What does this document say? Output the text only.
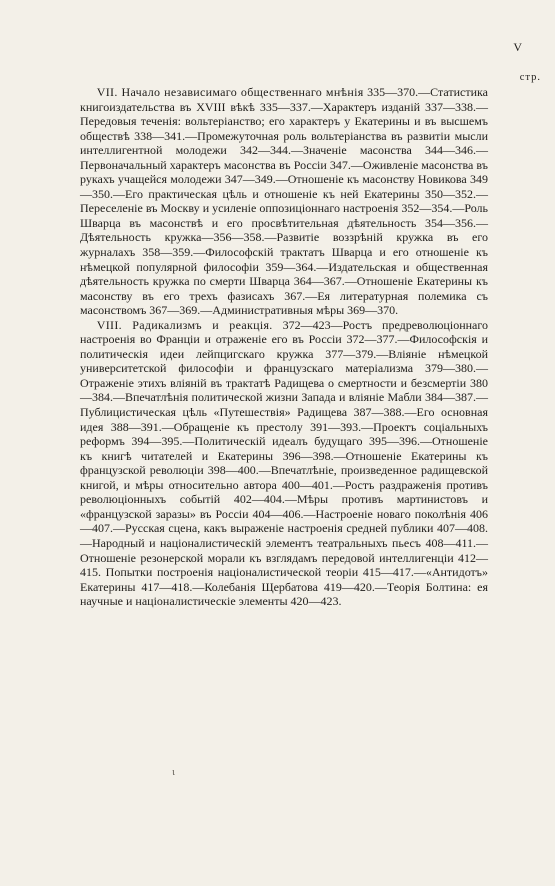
V
стр.

VII. Начало независимаго общественнаго мнѣнія 335—370.—Статистика книгоиздательства въ XVIII вѣкѣ 335—337.—Характеръ изданій 337—338.—Передовыя теченія: вольтеріанство; его характеръ у Екатерины и въ высшемъ обществѣ 338—341.—Промежуточная роль вольтеріанства въ развитіи мысли интеллигентной молодежи 342—344.—Значеніе масонства 344—346.—Первоначальный характеръ масонства въ Россіи 347.—Оживленіе масонства въ рукахъ учащейся молодежи 347—349.—Отношеніе къ масонству Новикова 349—350.—Его практическая цѣль и отношеніе къ ней Екатерины 350—352.—Переселеніе въ Москву и усиленіе оппозиціоннаго настроенія 352—354.—Роль Шварца въ масонствѣ и его просвѣтительная дѣятельность 354—356.—Дѣятельность кружка—356—358.—Развитіе воззрѣній кружка въ его журналахъ 358—359.—Философскій трактатъ Шварца и его отношеніе къ нѣмецкой популярной философіи 359—364.—Издательская и общественная дѣятельность кружка по смерти Шварца 364—367.—Отношеніе Екатерины къ масонству въ его трехъ фазисахъ 367.—Ея литературная полемика съ масонствомъ 367—369.—Административныя мѣры 369—370.

VIII. Радикализмъ и реакція. 372—423—Ростъ предреволюціоннаго настроенія во Франціи и отраженіе его въ Россіи 372—377.—Философскія и политическія идеи лейпцигскаго кружка 377—379.—Вліяніе нѣмецкой университетской философіи и французскаго матеріализма 379—380.—Отраженіе этихъ вліяній въ трактатѣ Радищева о смертности и безсмертіи 380—384.—Впечатлѣнія политической жизни Запада и вліяніе Мабли 384—387.—Публицистическая цѣль «Путешествія» Радищева 387—388.—Его основная идея 388—391.—Обращеніе къ престолу 391—393.—Проектъ соціальныхъ реформъ 394—395.—Политическій идеалъ будущаго 395—396.—Отношеніе къ книгѣ читателей и Екатерины 396—398.—Отношеніе Екатерины къ французской революціи 398—400.—Впечатлѣніе, произведенное радищевской книгой, и мѣры относительно автора 400—401.—Ростъ раздраженія противъ революціонныхъ событій 402—404.—Мѣры противъ мартинистовъ и «французской заразы» въ Россіи 404—406.—Настроеніе новаго поколѣнія 406—407.—Русская сцена, какъ выраженіе настроенія средней публики 407—408.—Народный и націоналистическій элементъ театральныхъ пьесъ 408—411.—Отношеніе резонерской морали къ взглядамъ передовой интеллигенціи 412—415. Попытки построенія націоналистической теоріи 415—417.—«Антидотъ» Екатерины 417—418.—Колебанія Щербатова 419—420.—Теорія Болтина: ея научные и націоналистическіе элементы 420—423.

ι
